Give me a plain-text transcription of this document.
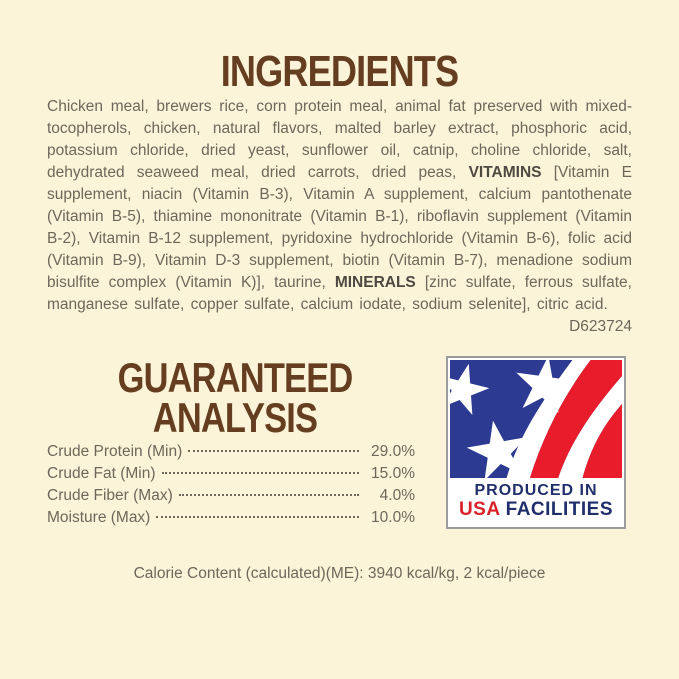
INGREDIENTS

Chicken meal, brewers rice, corn protein meal, animal fat preserved with mixed-tocopherols, chicken, natural flavors, malted barley extract, phosphoric acid, potassium chloride, dried yeast, sunflower oil, catnip, choline chloride, salt, dehydrated seaweed meal, dried carrots, dried peas, VITAMINS [Vitamin E supplement, niacin (Vitamin B-3), Vitamin A supplement, calcium pantothenate (Vitamin B-5), thiamine mononitrate (Vitamin B-1), riboflavin supplement (Vitamin B-2), Vitamin B-12 supplement, pyridoxine hydrochloride (Vitamin B-6), folic acid (Vitamin B-9), Vitamin D-3 supplement, biotin (Vitamin B-7), menadione sodium bisulfite complex (Vitamin K)], taurine, MINERALS [zinc sulfate, ferrous sulfate, manganese sulfate, copper sulfate, calcium iodate, sodium selenite], citric acid.

D623724
GUARANTEED
ANALYSIS
Crude Protein (Min)	29.0%
Crude Fat (Min)	15.0%
Crude Fiber (Max)	4.0%
Moisture (Max)	10.0%
PRODUCED IN
USA FACILITIES
Calorie Content (calculated)(ME): 3940 kcal/kg, 2 kcal/piece
